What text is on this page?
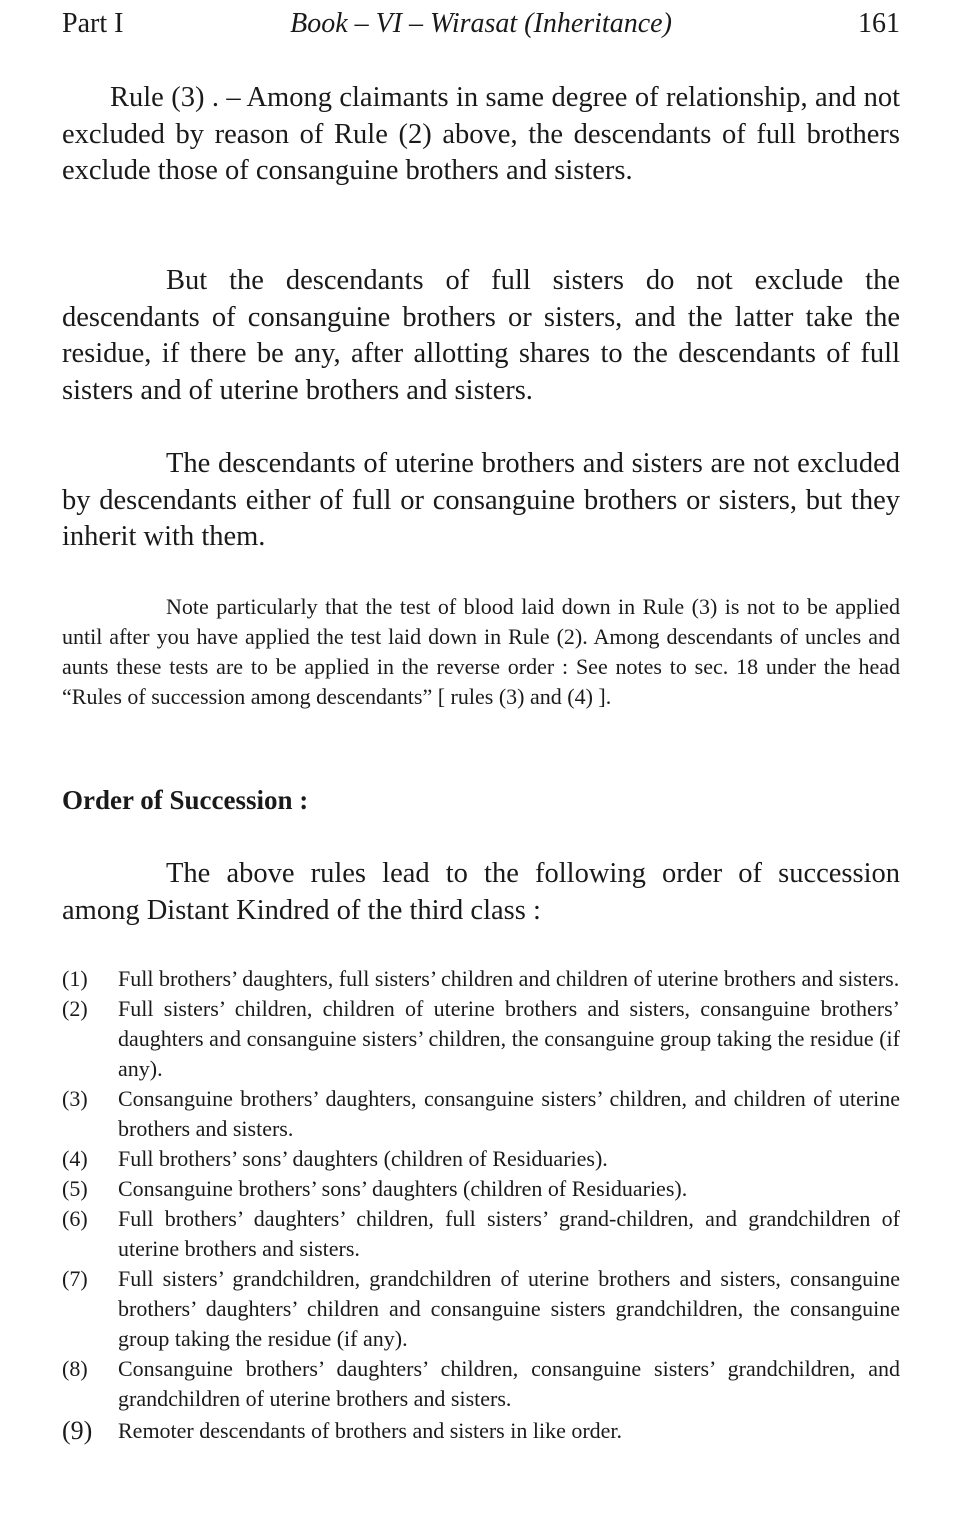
Part I	Book – VI – Wirasat (Inheritance)	161

Rule (3) . – Among claimants in same degree of relationship, and not excluded by reason of Rule (2) above, the descendants of full brothers exclude those of consanguine brothers and sisters.

But the descendants of full sisters do not exclude the descendants of consanguine brothers or sisters, and the latter take the residue, if there be any, after allotting shares to the descendants of full sisters and of uterine brothers and sisters.

The descendants of uterine brothers and sisters are not excluded by descendants either of full or consanguine brothers or sisters, but they inherit with them.

Note particularly that the test of blood laid down in Rule (3) is not to be applied until after you have applied the test laid down in Rule (2). Among descendants of uncles and aunts these tests are to be applied in the reverse order : See notes to sec. 18 under the head “Rules of succession among descendants” [ rules (3) and (4) ].

Order of Succession :

The above rules lead to the following order of succession among Distant Kindred of the third class :

(1) Full brothers’ daughters, full sisters’ children and children of uterine brothers and sisters.
(2) Full sisters’ children, children of uterine brothers and sisters, consanguine brothers’ daughters and consanguine sisters’ children, the consanguine group taking the residue (if any).
(3) Consanguine brothers’ daughters, consanguine sisters’ children, and children of uterine brothers and sisters.
(4) Full brothers’ sons’ daughters (children of Residuaries).
(5) Consanguine brothers’ sons’ daughters (children of Residuaries).
(6) Full brothers’ daughters’ children, full sisters’ grand-children, and grandchildren of uterine brothers and sisters.
(7) Full sisters’ grandchildren, grandchildren of uterine brothers and sisters, consanguine brothers’ daughters’ children and consanguine sisters grandchildren, the consanguine group taking the residue (if any).
(8) Consanguine brothers’ daughters’ children, consanguine sisters’ grandchildren, and grandchildren of uterine brothers and sisters.
(9) Remoter descendants of brothers and sisters in like order.
